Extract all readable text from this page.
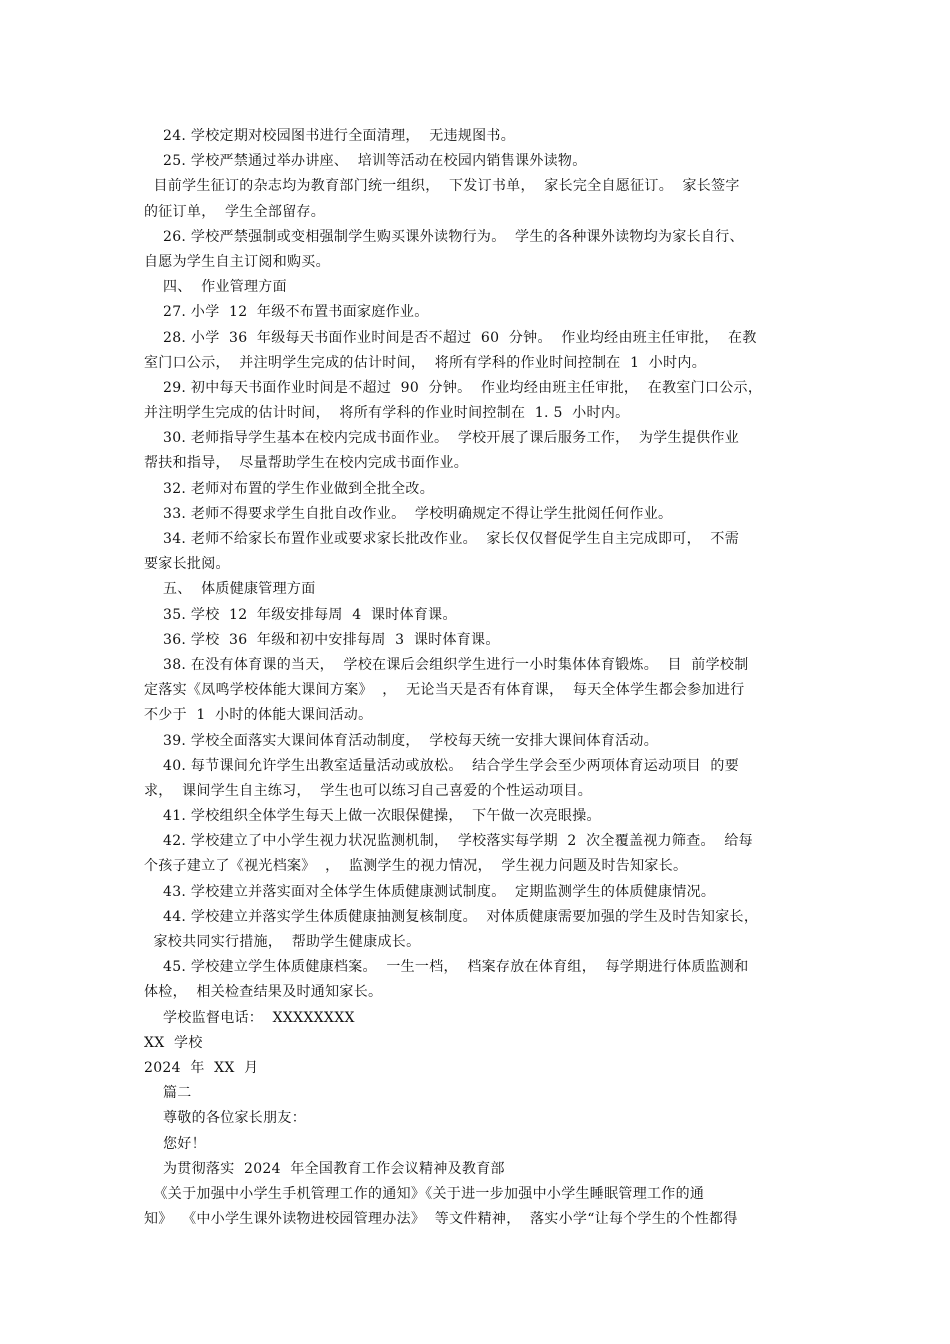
24. 学校定期对校园图书进行全面清理，  无违规图书。
25. 学校严禁通过举办讲座、  培训等活动在校园内销售课外读物。
目前学生征订的杂志均为教育部门统一组织，  下发订书单，  家长完全自愿征订。  家长签字
的征订单，  学生全部留存。
26. 学校严禁强制或变相强制学生购买课外读物行为。  学生的各种课外读物均为家长自行、
自愿为学生自主订阅和购买。
四、  作业管理方面
27. 小学  12  年级不布置书面家庭作业。
28. 小学  36  年级每天书面作业时间是否不超过  60  分钟。  作业均经由班主任审批，  在教
室门口公示，  并注明学生完成的估计时间，  将所有学科的作业时间控制在  1  小时内。
29. 初中每天书面作业时间是不超过  90  分钟。  作业均经由班主任审批，  在教室门口公示，
并注明学生完成的估计时间，  将所有学科的作业时间控制在  1. 5  小时内。
30. 老师指导学生基本在校内完成书面作业。  学校开展了课后服务工作，  为学生提供作业
帮扶和指导，  尽量帮助学生在校内完成书面作业。
32. 老师对布置的学生作业做到全批全改。
33. 老师不得要求学生自批自改作业。  学校明确规定不得让学生批阅任何作业。
34. 老师不给家长布置作业或要求家长批改作业。  家长仅仅督促学生自主完成即可，  不需
要家长批阅。
五、  体质健康管理方面
35. 学校  12  年级安排每周  4  课时体育课。
36. 学校  36  年级和初中安排每周  3  课时体育课。
38. 在没有体育课的当天，  学校在课后会组织学生进行一小时集体体育锻炼。  目  前学校制
定落实《凤鸣学校体能大课间方案》  ，  无论当天是否有体育课，  每天全体学生都会参加进行
不少于  1  小时的体能大课间活动。
39. 学校全面落实大课间体育活动制度，  学校每天统一安排大课间体育活动。
40. 每节课间允许学生出教室适量活动或放松。  结合学生学会至少两项体育运动项目  的要
求，  课间学生自主练习，  学生也可以练习自己喜爱的个性运动项目。
41. 学校组织全体学生每天上做一次眼保健操，  下午做一次亮眼操。
42. 学校建立了中小学生视力状况监测机制，  学校落实每学期  2  次全覆盖视力筛查。  给每
个孩子建立了《视光档案》  ，  监测学生的视力情况，  学生视力问题及时告知家长。
43. 学校建立并落实面对全体学生体质健康测试制度。  定期监测学生的体质健康情况。
44. 学校建立并落实学生体质健康抽测复核制度。  对体质健康需要加强的学生及时告知家长，
家校共同实行措施，  帮助学生健康成长。
45. 学校建立学生体质健康档案。  一生一档，  档案存放在体育组，  每学期进行体质监测和
体检，  相关检查结果及时通知家长。
学校监督电话：  XXXXXXXX
XX  学校
2024  年  XX  月
篇二
尊敬的各位家长朋友：
您好！
为贯彻落实  2024  年全国教育工作会议精神及教育部
《关于加强中小学生手机管理工作的通知》《关于进一步加强中小学生睡眠管理工作的通
知》  《中小学生课外读物进校园管理办法》  等文件精神，  落实小学“让每个学生的个性都得
